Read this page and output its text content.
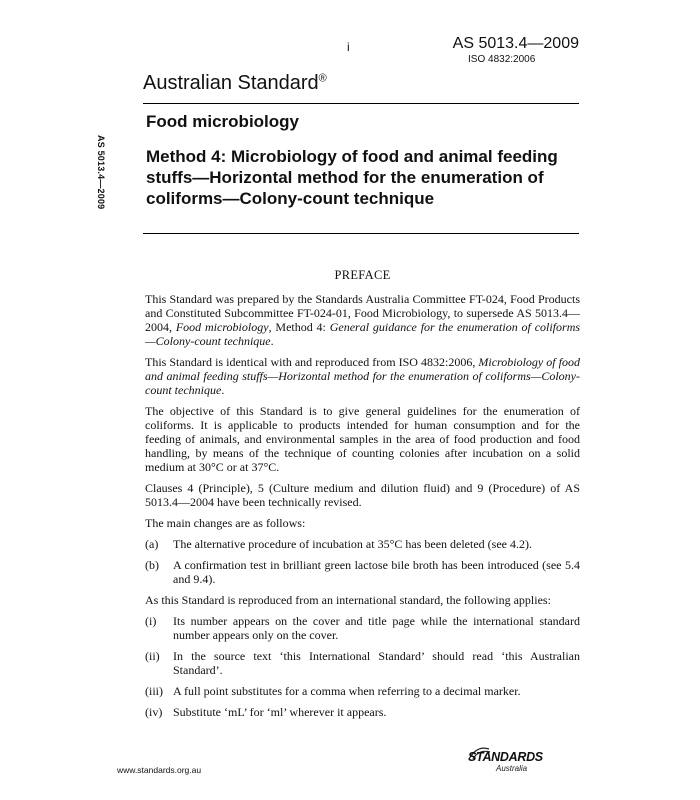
i	AS 5013.4—2009
ISO 4832:2006
Australian Standard®
AS 5013.4—2009
Food microbiology
Method 4: Microbiology of food and animal feeding stuffs—Horizontal method for the enumeration of coliforms—Colony-count technique
PREFACE

This Standard was prepared by the Standards Australia Committee FT-024, Food Products and Constituted Subcommittee FT-024-01, Food Microbiology, to supersede AS 5013.4—2004, Food microbiology, Method 4: General guidance for the enumeration of coliforms—Colony-count technique.

This Standard is identical with and reproduced from ISO 4832:2006, Microbiology of food and animal feeding stuffs—Horizontal method for the enumeration of coliforms—Colony-count technique.

The objective of this Standard is to give general guidelines for the enumeration of coliforms. It is applicable to products intended for human consumption and for the feeding of animals, and environmental samples in the area of food production and food handling, by means of the technique of counting colonies after incubation on a solid medium at 30°C or at 37°C.

Clauses 4 (Principle), 5 (Culture medium and dilution fluid) and 9 (Procedure) of AS 5013.4—2004 have been technically revised.

The main changes are as follows:

(a)	The alternative procedure of incubation at 35°C has been deleted (see 4.2).
(b)	A confirmation test in brilliant green lactose bile broth has been introduced (see 5.4 and 9.4).

As this Standard is reproduced from an international standard, the following applies:

(i)	Its number appears on the cover and title page while the international standard number appears only on the cover.
(ii)	In the source text ‘this International Standard’ should read ‘this Australian Standard’.
(iii) A full point substitutes for a comma when referring to a decimal marker.
(iv) Substitute ‘mL’ for ‘ml’ wherever it appears.
www.standards.org.au
STANDARDS
Australia
